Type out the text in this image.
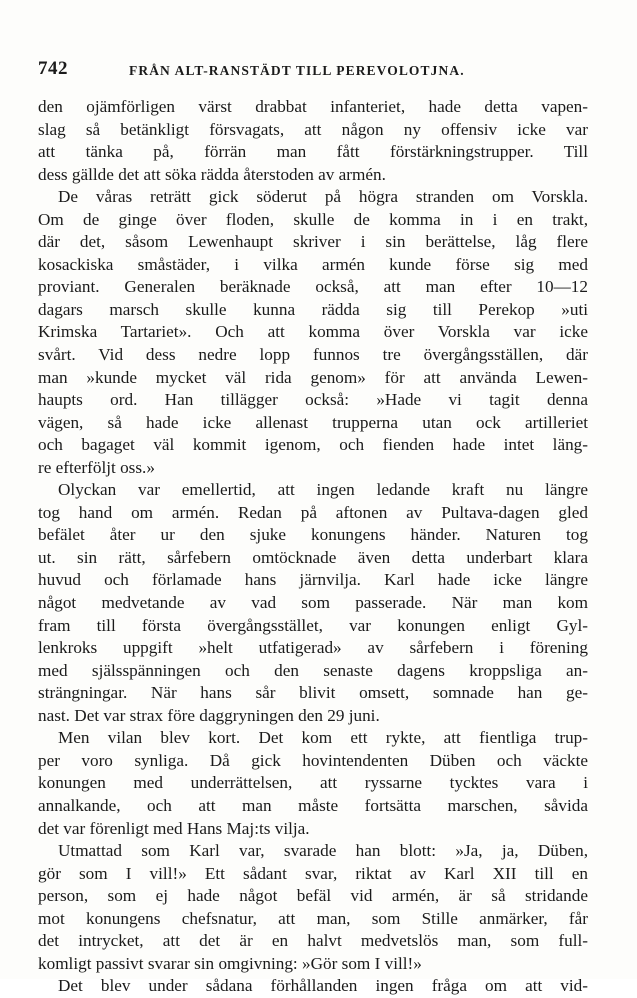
742	FRÅN ALT-RANSTÄDT TILL PEREVOLOTJNA.
den ojämförligen värst drabbat infanteriet, hade detta vapen-
slag så betänkligt försvagats, att någon ny offensiv icke var
att tänka på, förrän man fått förstärkningstrupper. Till
dess gällde det att söka rädda återstoden av armén.
De våras reträtt gick söderut på högra stranden om Vorskla.
Om de ginge över floden, skulle de komma in i en trakt,
där det, såsom Lewenhaupt skriver i sin berättelse, låg flere
kosackiska småstäder, i vilka armén kunde förse sig med
proviant. Generalen beräknade också, att man efter 10—12
dagars marsch skulle kunna rädda sig till Perekop »uti
Krimska Tartariet». Och att komma över Vorskla var icke
svårt. Vid dess nedre lopp funnos tre övergångsställen, där
man »kunde mycket väl rida genom» för att använda Lewen-
haupts ord. Han tillägger också: »Hade vi tagit denna
vägen, så hade icke allenast trupperna utan ock artilleriet
och bagaget väl kommit igenom, och fienden hade intet läng-
re efterföljt oss.»
Olyckan var emellertid, att ingen ledande kraft nu längre
tog hand om armén. Redan på aftonen av Pultava-dagen gled
befälet åter ur den sjuke konungens händer. Naturen tog
ut. sin rätt, sårfebern omtöcknade även detta underbart klara
huvud och förlamade hans järnvilja. Karl hade icke längre
något medvetande av vad som passerade. När man kom
fram till första övergångsstället, var konungen enligt Gyl-
lenkroks uppgift »helt utfatigerad» av sårfebern i förening
med själsspänningen och den senaste dagens kroppsliga an-
strängningar. När hans sår blivit omsett, somnade han ge-
nast. Det var strax före daggryningen den 29 juni.
Men vilan blev kort. Det kom ett rykte, att fientliga trup-
per voro synliga. Då gick hovintendenten Düben och väckte
konungen med underrättelsen, att ryssarne tycktes vara i
annalkande, och att man måste fortsätta marschen, såvida
det var förenligt med Hans Maj:ts vilja.
Utmattad som Karl var, svarade han blott: »Ja, ja, Düben,
gör som I vill!» Ett sådant svar, riktat av Karl XII till en
person, som ej hade något befäl vid armén, är så stridande
mot konungens chefsnatur, att man, som Stille anmärker, får
det intrycket, att det är en halvt medvetslös man, som full-
komligt passivt svarar sin omgivning: »Gör som I vill!»
Det blev under sådana förhållanden ingen fråga om att vid-
